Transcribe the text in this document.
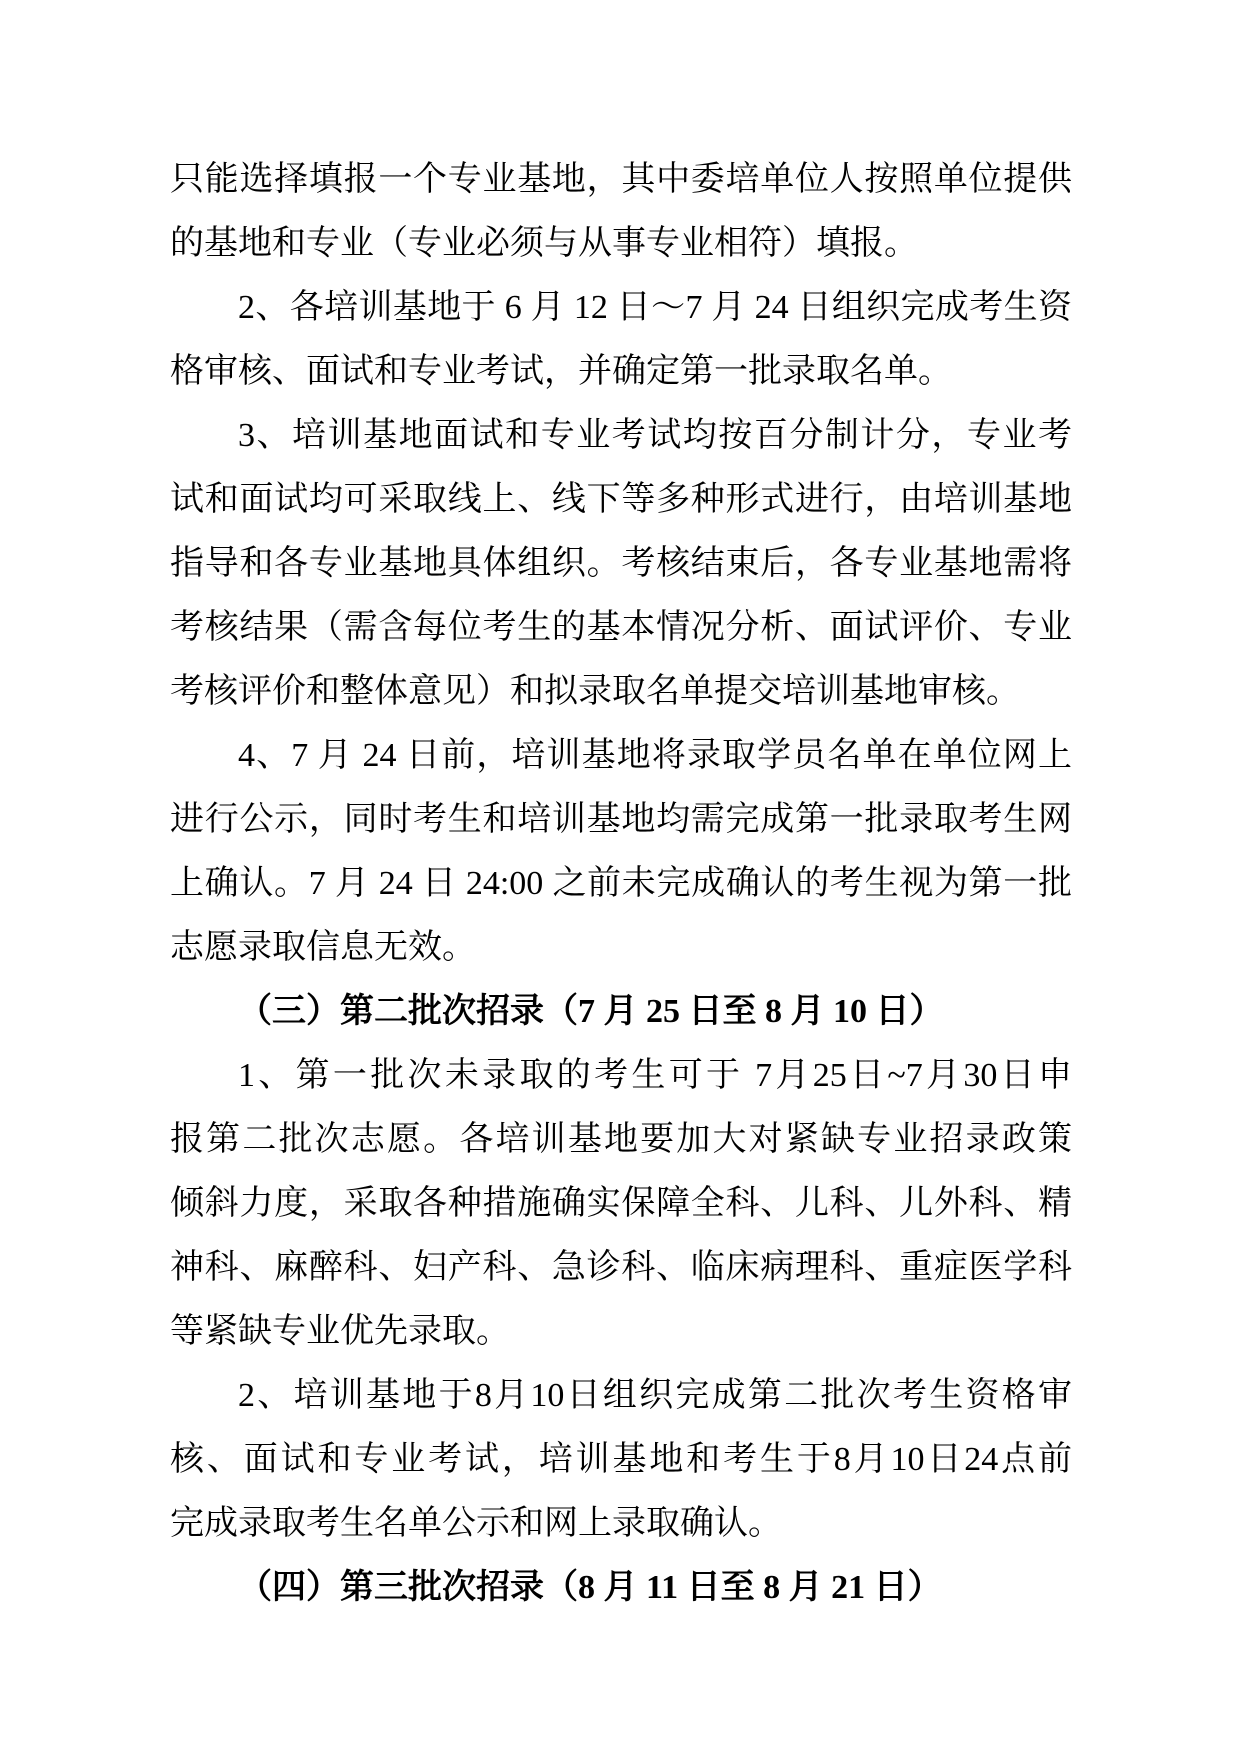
只能选择填报一个专业基地，其中委培单位人按照单位提供
的基地和专业（专业必须与从事专业相符）填报。
2、各培训基地于 6 月 12 日～7 月 24 日组织完成考生资
格审核、面试和专业考试，并确定第一批录取名单。
3、培训基地面试和专业考试均按百分制计分，专业考
试和面试均可采取线上、线下等多种形式进行，由培训基地
指导和各专业基地具体组织。考核结束后，各专业基地需将
考核结果（需含每位考生的基本情况分析、面试评价、专业
考核评价和整体意见）和拟录取名单提交培训基地审核。
4、7 月 24 日前，培训基地将录取学员名单在单位网上
进行公示，同时考生和培训基地均需完成第一批录取考生网
上确认。7 月 24 日 24:00 之前未完成确认的考生视为第一批
志愿录取信息无效。
（三）第二批次招录（7 月 25 日至 8 月 10 日）
1、第一批次未录取的考生可于 7月25日~7月30日申
报第二批次志愿。各培训基地要加大对紧缺专业招录政策
倾斜力度，采取各种措施确实保障全科、儿科、儿外科、精
神科、麻醉科、妇产科、急诊科、临床病理科、重症医学科
等紧缺专业优先录取。
2、培训基地于8月10日组织完成第二批次考生资格审
核、面试和专业考试，培训基地和考生于8月10日24点前
完成录取考生名单公示和网上录取确认。
（四）第三批次招录（8 月 11 日至 8 月 21 日）
